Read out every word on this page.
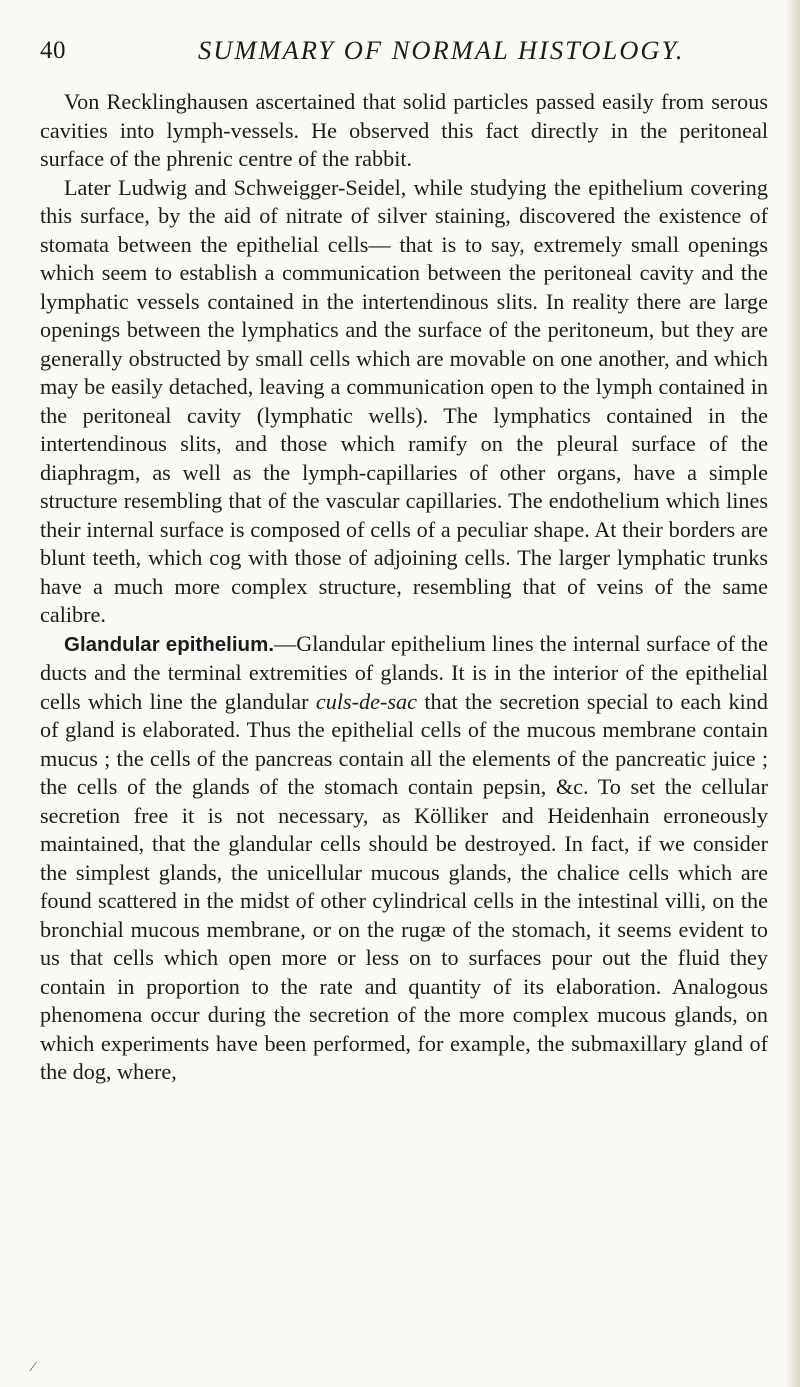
40	SUMMARY OF NORMAL HISTOLOGY.

Von Recklinghausen ascertained that solid particles passed easily from serous cavities into lymph-vessels. He observed this fact directly in the peritoneal surface of the phrenic centre of the rabbit.

Later Ludwig and Schweigger-Seidel, while studying the epithelium covering this surface, by the aid of nitrate of silver staining, discovered the existence of stomata between the epithelial cells— that is to say, extremely small openings which seem to establish a communication between the peritoneal cavity and the lymphatic vessels contained in the intertendinous slits. In reality there are large openings between the lymphatics and the surface of the peritoneum, but they are generally obstructed by small cells which are movable on one another, and which may be easily detached, leaving a communication open to the lymph contained in the peritoneal cavity (lymphatic wells). The lymphatics contained in the intertendinous slits, and those which ramify on the pleural surface of the diaphragm, as well as the lymph-capillaries of other organs, have a simple structure resembling that of the vascular capillaries. The endothelium which lines their internal surface is composed of cells of a peculiar shape. At their borders are blunt teeth, which cog with those of adjoining cells. The larger lymphatic trunks have a much more complex structure, resembling that of veins of the same calibre.

Glandular epithelium.—Glandular epithelium lines the internal surface of the ducts and the terminal extremities of glands. It is in the interior of the epithelial cells which line the glandular culs-de-sac that the secretion special to each kind of gland is elaborated. Thus the epithelial cells of the mucous membrane contain mucus ; the cells of the pancreas contain all the elements of the pancreatic juice ; the cells of the glands of the stomach contain pepsin, &c. To set the cellular secretion free it is not necessary, as Kölliker and Heidenhain erroneously maintained, that the glandular cells should be destroyed. In fact, if we consider the simplest glands, the unicellular mucous glands, the chalice cells which are found scattered in the midst of other cylindrical cells in the intestinal villi, on the bronchial mucous membrane, or on the rugæ of the stomach, it seems evident to us that cells which open more or less on to surfaces pour out the fluid they contain in proportion to the rate and quantity of its elaboration. Analogous phenomena occur during the secretion of the more complex mucous glands, on which experiments have been performed, for example, the submaxillary gland of the dog, where,

⁄
